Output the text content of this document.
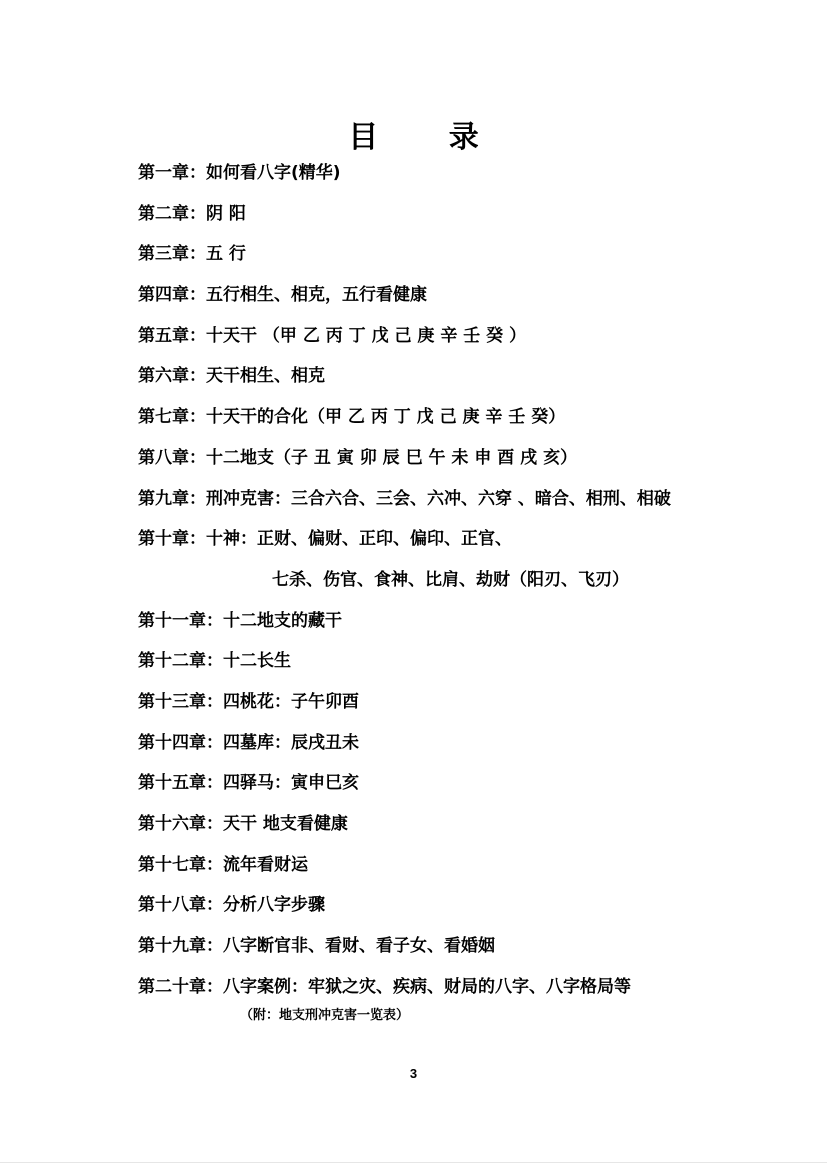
目 录
第一章：如何看八字(精华)
第二章：阴 阳
第三章：五 行
第四章：五行相生、相克，五行看健康
第五章：十天干 （甲 乙 丙 丁 戊 己 庚 辛 壬 癸 ）
第六章：天干相生、相克
第七章：十天干的合化（甲 乙 丙 丁 戊 己 庚 辛 壬 癸）
第八章：十二地支（子 丑 寅 卯 辰 巳 午 未 申 酉 戌 亥）
第九章：刑冲克害：三合六合、三会、六冲、六穿 、暗合、相刑、相破
第十章：十神：正财、偏财、正印、偏印、正官、
七杀、伤官、食神、比肩、劫财（阳刃、飞刃）
第十一章：十二地支的藏干
第十二章：十二长生
第十三章：四桃花：子午卯酉
第十四章：四墓库：辰戌丑未
第十五章：四驿马：寅申巳亥
第十六章：天干 地支看健康
第十七章：流年看财运
第十八章：分析八字步骤
第十九章：八字断官非、看财、看子女、看婚姻
第二十章：八字案例：牢狱之灾、疾病、财局的八字、八字格局等
（附：地支刑冲克害一览表）
3
